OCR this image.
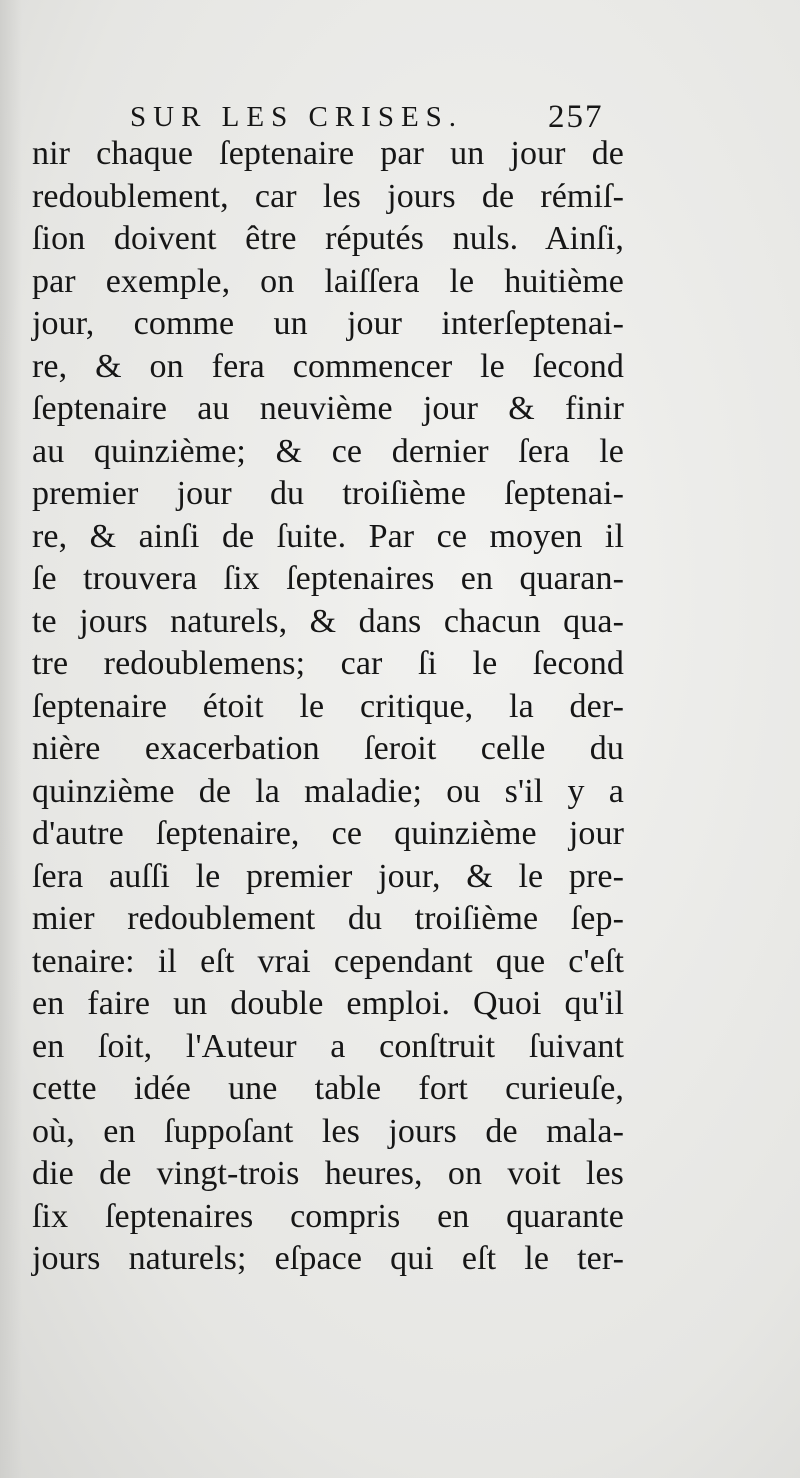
SUR LES CRISES.	257
nir chaque ſeptenaire par un jour de
redoublement, car les jours de rémiſ-
ſion doivent être réputés nuls. Ainſi,
par exemple, on laiſſera le huitième
jour, comme un jour interſeptenai-
re, & on fera commencer le ſecond
ſeptenaire au neuvième jour & finir
au quinzième; & ce dernier ſera le
premier jour du troiſième ſeptenai-
re, & ainſi de ſuite. Par ce moyen il
ſe trouvera ſix ſeptenaires en quaran-
te jours naturels, & dans chacun qua-
tre redoublemens; car ſi le ſecond
ſeptenaire étoit le critique, la der-
nière exacerbation ſeroit celle du
quinzième de la maladie; ou s'il y a
d'autre ſeptenaire, ce quinzième jour
ſera auſſi le premier jour, & le pre-
mier redoublement du troiſième ſep-
tenaire: il eſt vrai cependant que c'eſt
en faire un double emploi. Quoi qu'il
en ſoit, l'Auteur a conſtruit ſuivant
cette idée une table fort curieuſe,
où, en ſuppoſant les jours de mala-
die de vingt-trois heures, on voit les
ſix ſeptenaires compris en quarante
jours naturels; eſpace qui eſt le ter-
